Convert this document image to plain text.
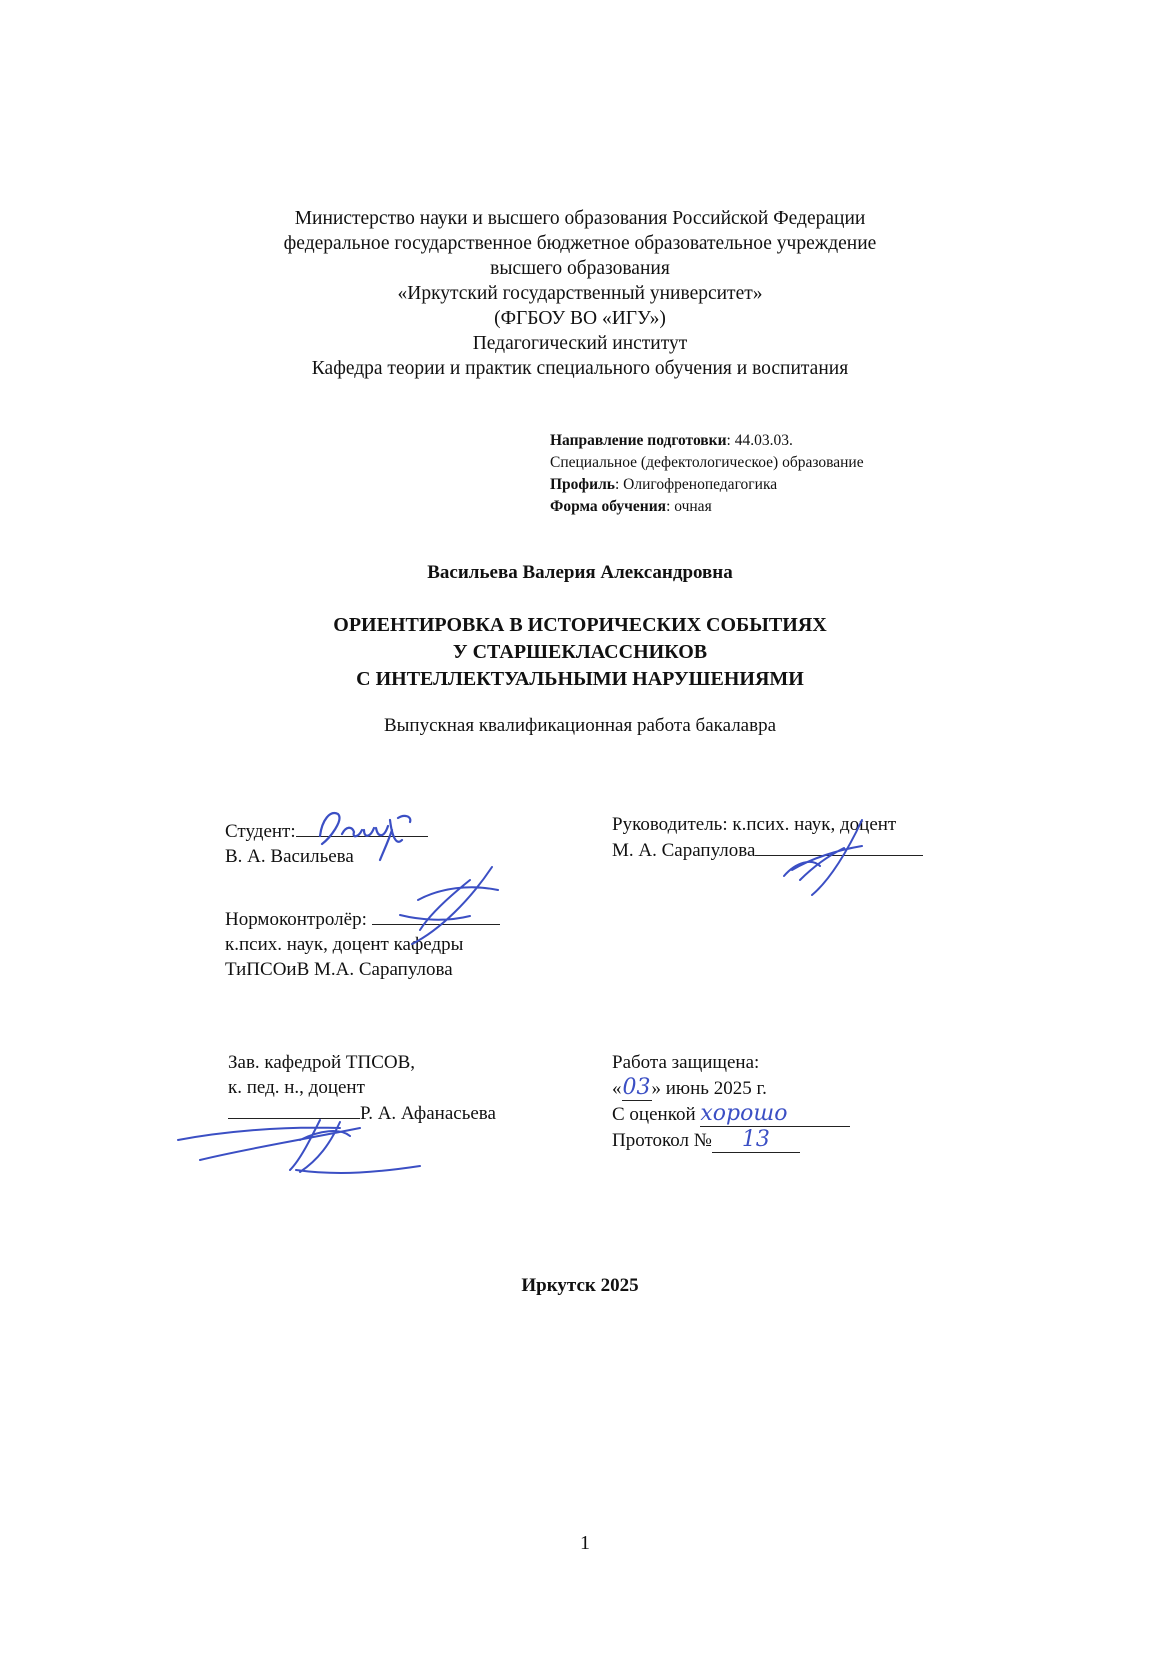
Министерство науки и высшего образования Российской Федерации
федеральное государственное бюджетное образовательное учреждение
высшего образования
«Иркутский государственный университет»
(ФГБОУ ВО «ИГУ»)
Педагогический институт
Кафедра теории и практик специального обучения и воспитания
Направление подготовки: 44.03.03.
Специальное (дефектологическое) образование
Профиль: Олигофренопедагогика
Форма обучения: очная
Васильева Валерия Александровна
ОРИЕНТИРОВКА В ИСТОРИЧЕСКИХ СОБЫТИЯХ
У СТАРШЕКЛАССНИКОВ
С ИНТЕЛЛЕКТУАЛЬНЫМИ НАРУШЕНИЯМИ
Выпускная квалификационная работа бакалавра
Студент:
В. А. Васильева
Руководитель: к.псих. наук, доцент
М. А. Сарапулова
Нормоконтролёр:
к.псих. наук, доцент кафедры
ТиПСОиВ М.А. Сарапулова
Зав. кафедрой ТПСОВ,
к. пед. н., доцент
Р. А. Афанасьева
Работа защищена:
«03» июнь 2025 г.
С оценкой хорошо
Протокол № 13
Иркутск 2025
1
